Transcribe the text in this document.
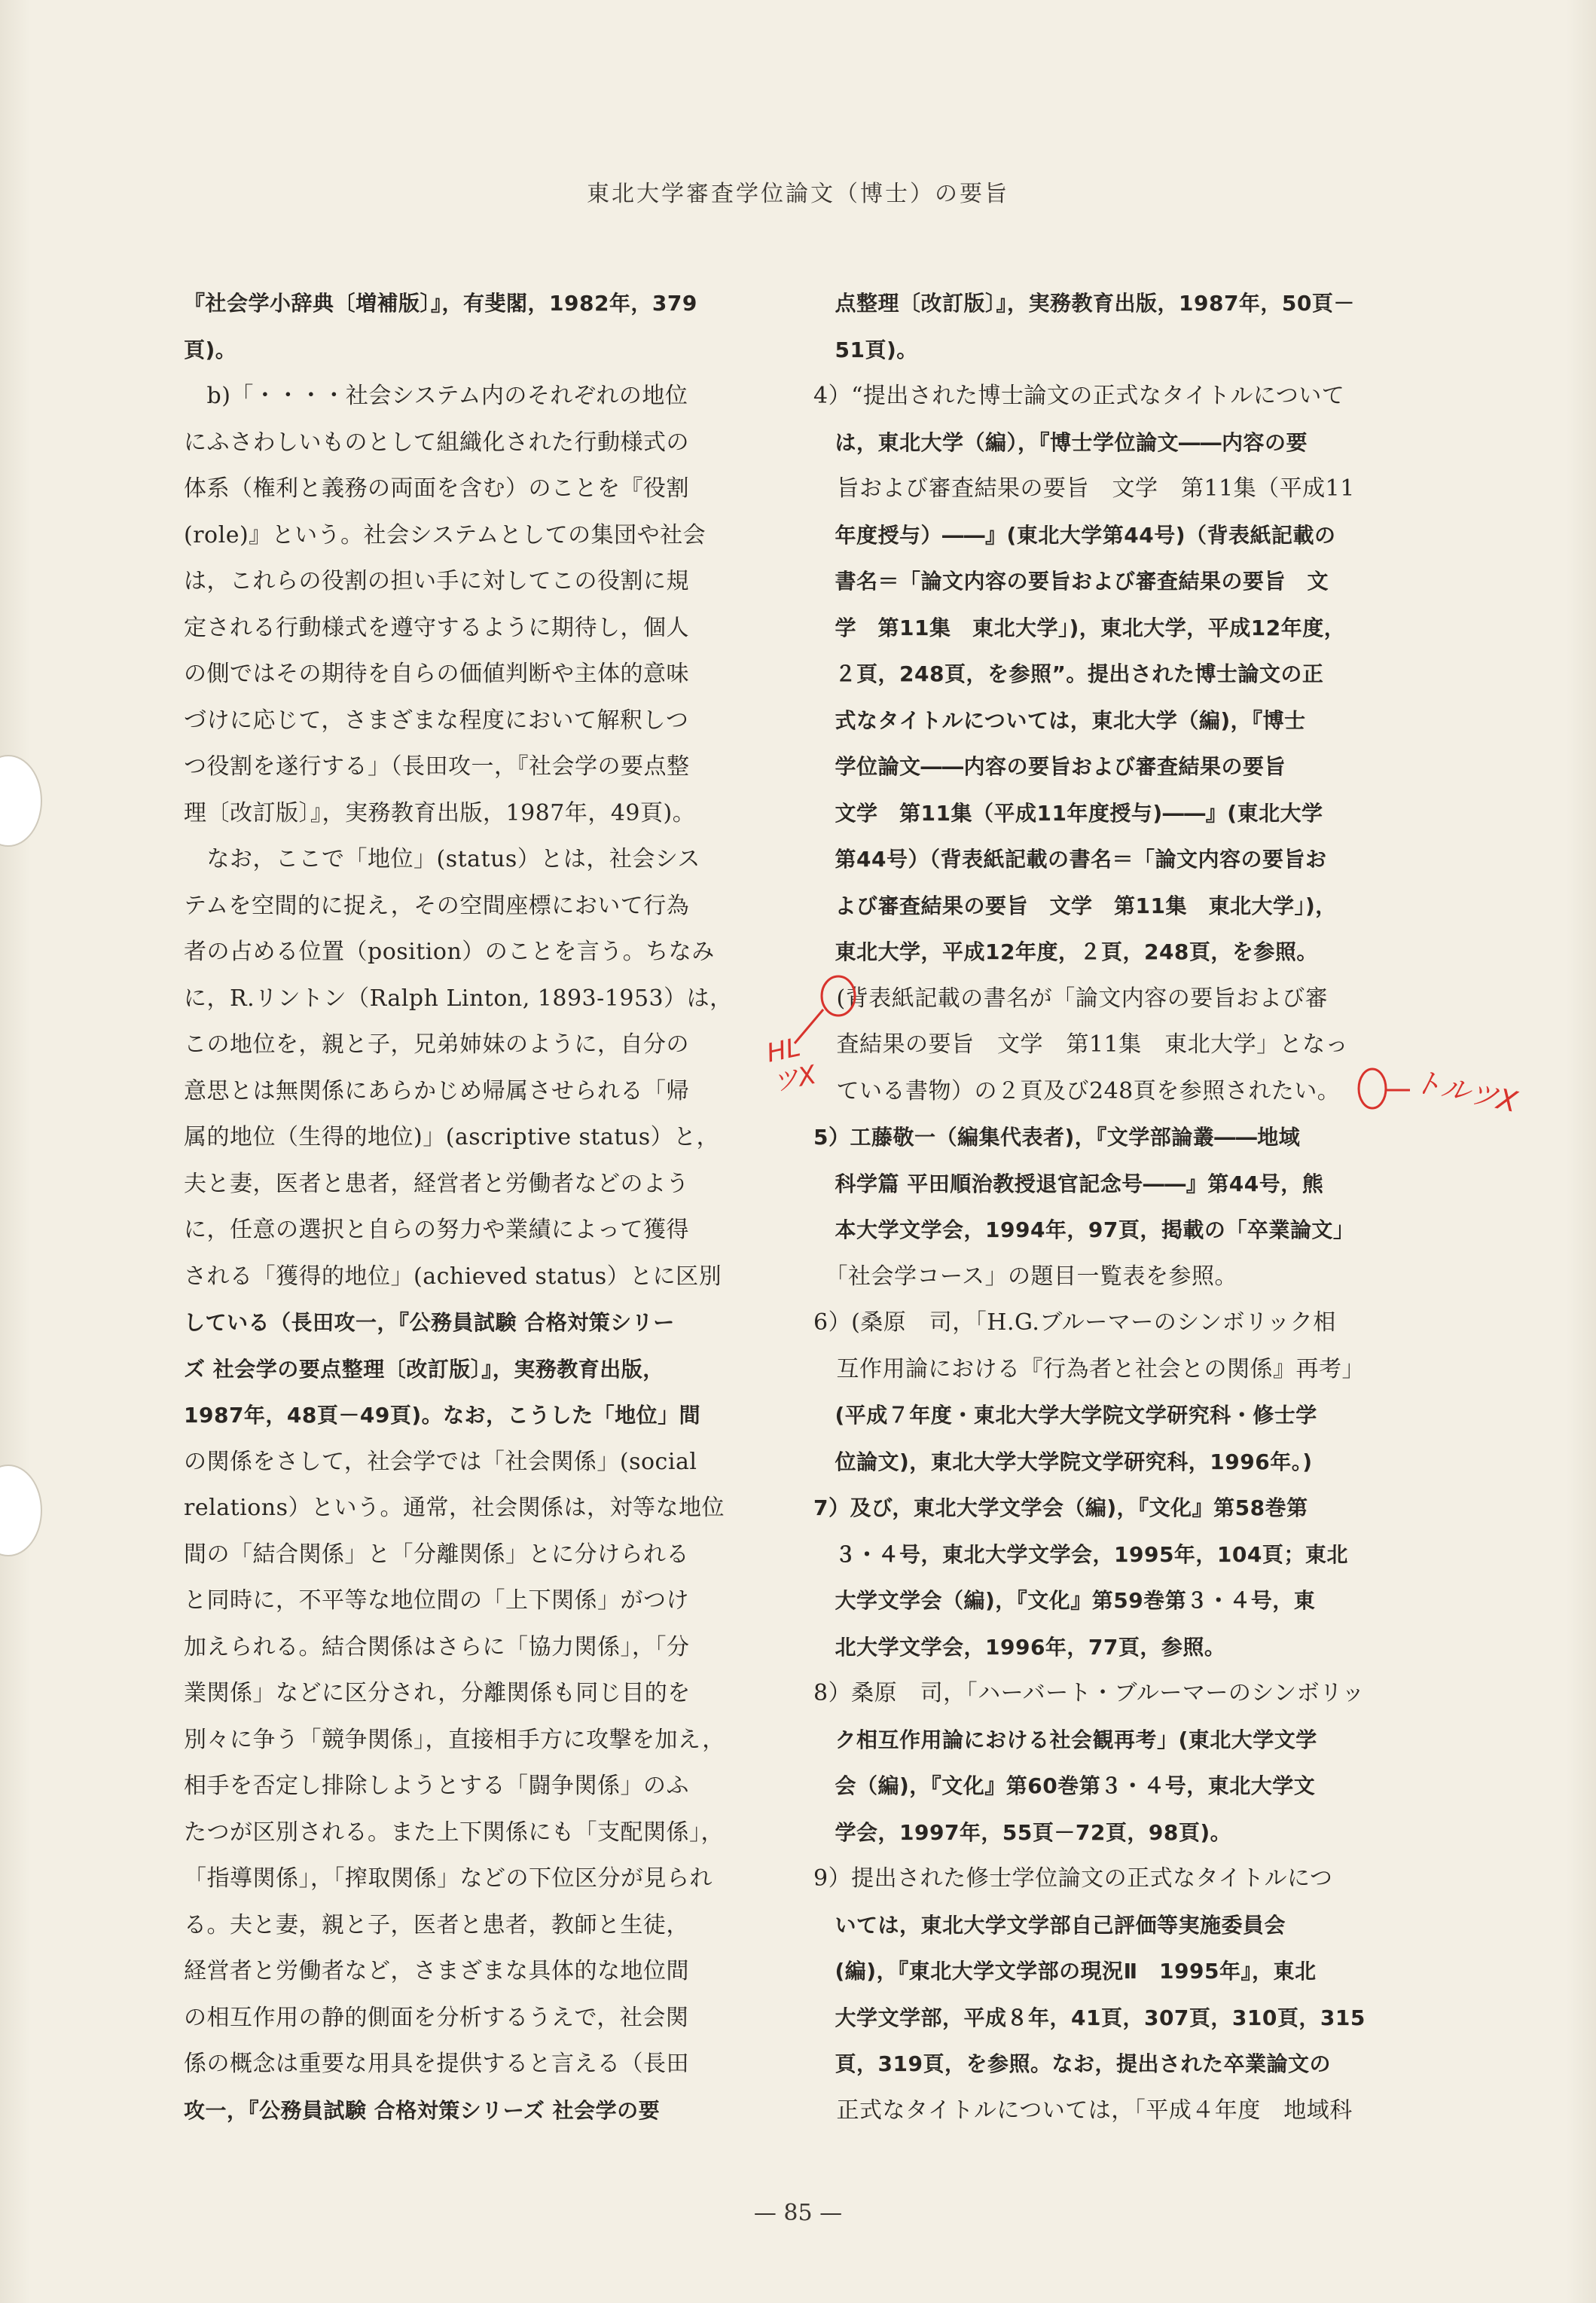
東北大学審査学位論文（博士）の要旨
『社会学小辞典〔増補版〕』，有斐閣，1982年，379
頁)。
　b)「・・・・社会システム内のそれぞれの地位
にふさわしいものとして組織化された行動様式の
体系（権利と義務の両面を含む）のことを『役割
(role)』という。社会システムとしての集団や社会
は，これらの役割の担い手に対してこの役割に規
定される行動様式を遵守するように期待し，個人
の側ではその期待を自らの価値判断や主体的意味
づけに応じて，さまざまな程度において解釈しつ
つ役割を遂行する」（長田攻一，『社会学の要点整
理〔改訂版〕』，実務教育出版，1987年，49頁)。
　なお，ここで「地位」(status）とは，社会シス
テムを空間的に捉え，その空間座標において行為
者の占める位置（position）のことを言う。ちなみ
に，R.リントン（Ralph Linton, 1893-1953）は，
この地位を，親と子，兄弟姉妹のように，自分の
意思とは無関係にあらかじめ帰属させられる「帰
属的地位（生得的地位)」(ascriptive status）と，
夫と妻，医者と患者，経営者と労働者などのよう
に，任意の選択と自らの努力や業績によって獲得
される「獲得的地位」(achieved status）とに区別
している（長田攻一，『公務員試験 合格対策シリー
ズ 社会学の要点整理〔改訂版〕』，実務教育出版，
1987年，48頁－49頁)。なお，こうした「地位」間
の関係をさして，社会学では「社会関係」(social
relations）という。通常，社会関係は，対等な地位
間の「結合関係」と「分離関係」とに分けられる
と同時に，不平等な地位間の「上下関係」がつけ
加えられる。結合関係はさらに「協力関係」，「分
業関係」などに区分され，分離関係も同じ目的を
別々に争う「競争関係」，直接相手方に攻撃を加え，
相手を否定し排除しようとする「闘争関係」のふ
たつが区別される。また上下関係にも「支配関係」，
「指導関係」，「搾取関係」などの下位区分が見られ
る。夫と妻，親と子，医者と患者，教師と生徒，
経営者と労働者など，さまざまな具体的な地位間
の相互作用の静的側面を分析するうえで，社会関
係の概念は重要な用具を提供すると言える（長田
攻一，『公務員試験 合格対策シリーズ 社会学の要
　点整理〔改訂版〕』，実務教育出版，1987年，50頁－
　51頁)。
4）“提出された博士論文の正式なタイトルについて
　は，東北大学（編），『博士学位論文――内容の要
　旨および審査結果の要旨　文学　第11集（平成11
　年度授与）――』(東北大学第44号)（背表紙記載の
　書名＝「論文内容の要旨および審査結果の要旨　文
　学　第11集　東北大学」)，東北大学，平成12年度，
　２頁，248頁，を参照”。提出された博士論文の正
　式なタイトルについては，東北大学（編)，『博士
　学位論文――内容の要旨および審査結果の要旨
　文学　第11集（平成11年度授与)――』(東北大学
　第44号）（背表紙記載の書名＝「論文内容の要旨お
　よび審査結果の要旨　文学　第11集　東北大学」)，
　東北大学，平成12年度，２頁，248頁，を参照。
　(背表紙記載の書名が「論文内容の要旨および審
　査結果の要旨　文学　第11集　東北大学」となっ
　ている書物）の２頁及び248頁を参照されたい。
5）工藤敬一（編集代表者)，『文学部論叢――地域
　科学篇 平田順治教授退官記念号――』第44号，熊
　本大学文学会，1994年，97頁，掲載の「卒業論文」
　「社会学コース」の題目一覧表を参照。
6）(桑原　司，「H.G.ブルーマーのシンボリック相
　互作用論における『行為者と社会との関係』再考」
　(平成７年度・東北大学大学院文学研究科・修士学
　位論文)，東北大学大学院文学研究科，1996年。)
7）及び，東北大学文学会（編)，『文化』第58巻第
　３・４号，東北大学文学会，1995年，104頁；東北
　大学文学会（編)，『文化』第59巻第３・４号，東
　北大学文学会，1996年，77頁，参照。
8）桑原　司，「ハーバート・ブルーマーのシンボリッ
　ク相互作用論における社会観再考」(東北大学文学
　会（編)，『文化』第60巻第３・４号，東北大学文
　学会，1997年，55頁－72頁，98頁)。
9）提出された修士学位論文の正式なタイトルにつ
　いては，東北大学文学部自己評価等実施委員会
　(編)，『東北大学文学部の現況Ⅱ　1995年』，東北
　大学文学部，平成８年，41頁，307頁，310頁，315
　頁，319頁，を参照。なお，提出された卒業論文の
　正式なタイトルについては，「平成４年度　地域科
HL ツX	トルツX
— 85 —
